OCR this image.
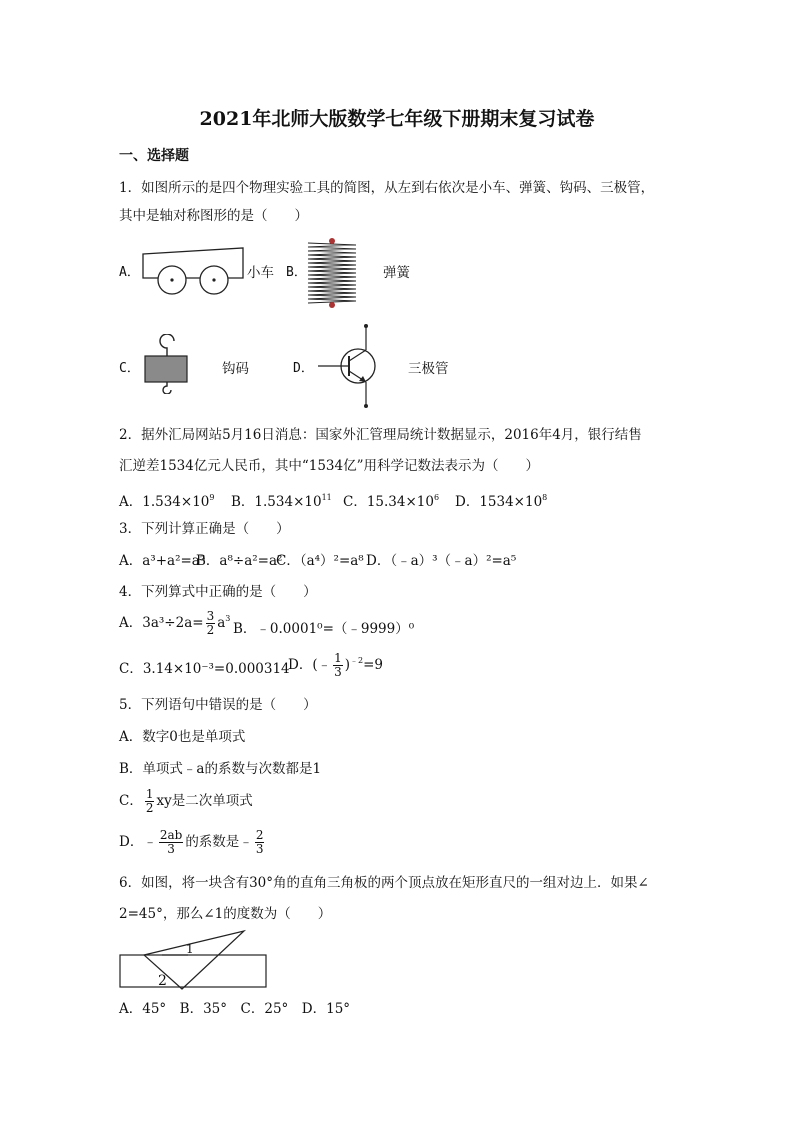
2021年北师大版数学七年级下册期末复习试卷
一、选择题
1．如图所示的是四个物理实验工具的简图，从左到右依次是小车、弹簧、钩码、三极管，
其中是轴对称图形的是（　　）
A．	小车 B．	弹簧
C．	钩码	D．	三极管
2．据外汇局网站5月16日消息：国家外汇管理局统计数据显示，2016年4月，银行结售
汇逆差1534亿元人民币，其中“1534亿”用科学记数法表示为（　　）
A．$1.534\times 10^9$ B．$1.534\times 10^{11}$ C．$15.34\times 10^6$ D．$1534\times 10^8$
3．下列计算正确是（　　）
A．a³+a²=a⁵
B．a⁸÷a²=a²
C．（a⁴）²=a⁸ D．（﹣a）³（﹣a）²=a⁵
4．下列算式中正确的是（　　）
A．$3a^3\div 2a= \frac{3}{2} a^3$
B．﹣0.0001⁰=（﹣9999）⁰
C．3.14×10⁻³=0.000314
D．(﹣ $\frac{1}{3} )^{﹣2}=9$
5．下列语句中错误的是（　　）
A．数字0也是单项式
B．单项式﹣a的系数与次数都是1
C． $\frac{1}{2}$ xy是二次单项式
D．﹣ $\frac{2ab}{3}$ 的系数是﹣ $\frac{2}{3}$
6．如图，将一块含有30°角的直角三角板的两个顶点放在矩形直尺的一组对边上．如果∠
2=45°，那么∠1的度数为（　　）
1
2
A．45°　B．35°　C．25°　D．15°
